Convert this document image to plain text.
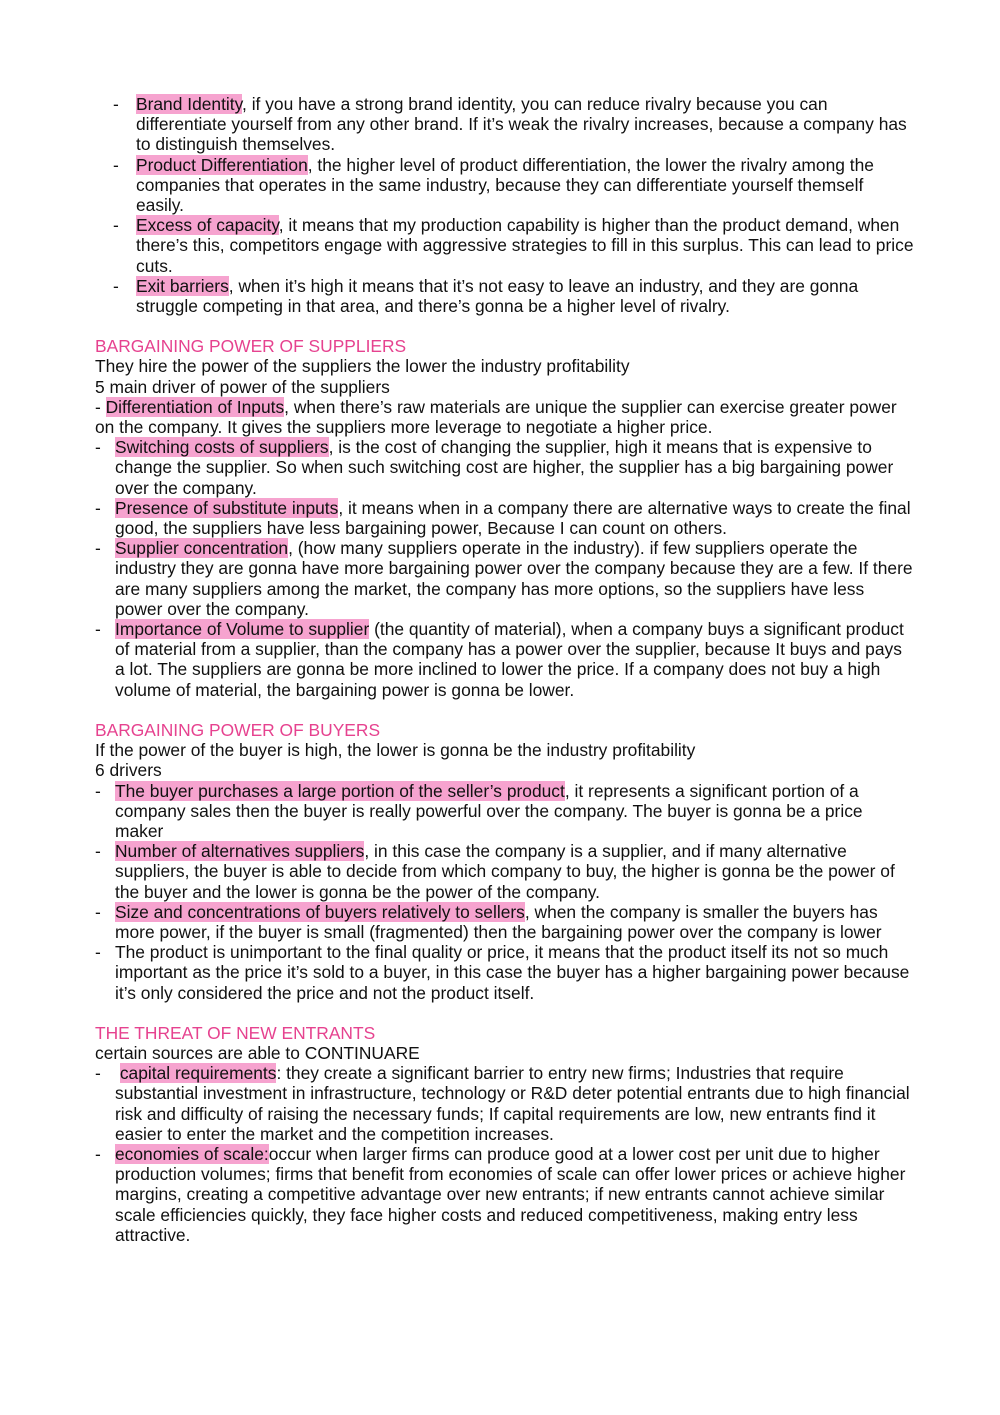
- Brand Identity, if you have a strong brand identity, you can reduce rivalry because you can differentiate yourself from any other brand. If it’s weak the rivalry increases, because a company has to distinguish themselves.
- Product Differentiation, the higher level of product differentiation, the lower the rivalry among the companies that operates in the same industry, because they can differentiate yourself themself easily.
- Excess of capacity, it means that my production capability is higher than the product demand, when there’s this, competitors engage with aggressive strategies to fill in this surplus. This can lead to price cuts.
- Exit barriers, when it’s high it means that it’s not easy to leave an industry, and they are gonna struggle competing in that area, and there’s gonna be a higher level of rivalry.
BARGAINING POWER OF SUPPLIERS
They hire the power of the suppliers the lower the industry profitability
5 main driver of power of the suppliers
- Differentiation of Inputs, when there’s raw materials are unique the supplier can exercise greater power on the company. It gives the suppliers more leverage to negotiate a higher price.
- Switching costs of suppliers, is the cost of changing the supplier, high it means that is expensive to change the supplier. So when such switching cost are higher, the supplier has a big bargaining power over the company.
- Presence of substitute inputs, it means when in a company there are alternative ways to create the final good, the suppliers have less bargaining power, Because I can count on others.
- Supplier concentration, (how many suppliers operate in the industry). if few suppliers operate the industry they are gonna have more bargaining power over the company because they are a few. If there are many suppliers among the market, the company has more options, so the suppliers have less power over the company.
- Importance of Volume to supplier (the quantity of material), when a company buys a significant product of material from a supplier, than the company has a power over the supplier, because It buys and pays a lot. The suppliers are gonna be more inclined to lower the price. If a company does not buy a high volume of material, the bargaining power is gonna be lower.
BARGAINING POWER OF BUYERS
If the power of the buyer is high, the lower is gonna be the industry profitability
6 drivers
- The buyer purchases a large portion of the seller’s product, it represents a significant portion of a company sales then the buyer is really powerful over the company. The buyer is gonna be a price maker
- Number of alternatives suppliers, in this case the company is a supplier, and if many alternative suppliers, the buyer is able to decide from which company to buy, the higher is gonna be the power of the buyer and the lower is gonna be the power of the company.
- Size and concentrations of buyers relatively to sellers, when the company is smaller the buyers has more power, if the buyer is small (fragmented) then the bargaining power over the company is lower
- The product is unimportant to the final quality or price, it means that the product itself its not so much important as the price it’s sold to a buyer, in this case the buyer has a higher bargaining power because it’s only considered the price and not the product itself.
THE THREAT OF NEW ENTRANTS
certain sources are able to CONTINUARE
- capital requirements: they create a significant barrier to entry new firms; Industries that require substantial investment in infrastructure, technology or R&D deter potential entrants due to high financial risk and difficulty of raising the necessary funds; If capital requirements are low, new entrants find it easier to enter the market and the competition increases.
- economies of scale:occur when larger firms can produce good at a lower cost per unit due to higher production volumes; firms that benefit from economies of scale can offer lower prices or achieve higher margins, creating a competitive advantage over new entrants; if new entrants cannot achieve similar scale efficiencies quickly, they face higher costs and reduced competitiveness, making entry less attractive.
